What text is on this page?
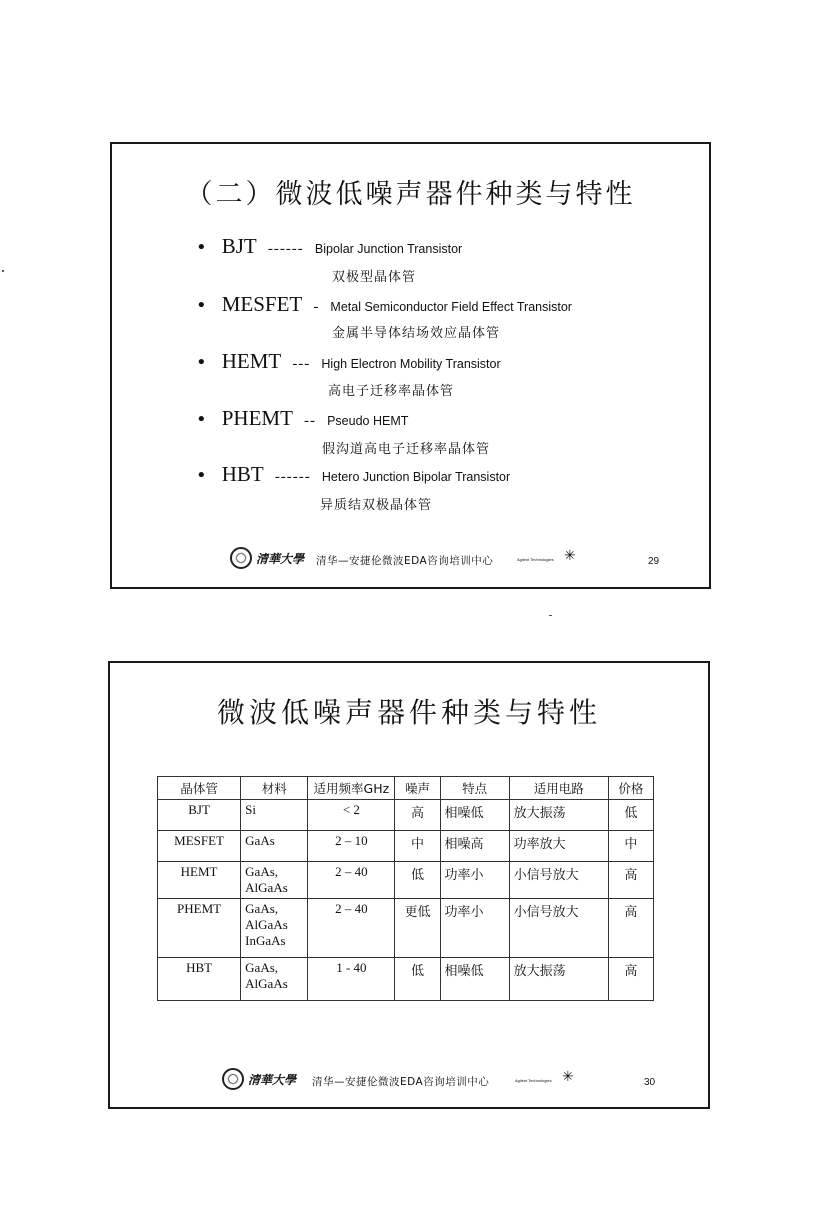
（二）微波低噪声器件种类与特性
• BJT ------ Bipolar Junction Transistor
双极型晶体管
• MESFET - Metal Semiconductor Field Effect Transistor
金属半导体结场效应晶体管
• HEMT --- High Electron Mobility Transistor
高电子迁移率晶体管
• PHEMT -- Pseudo HEMT
假沟道高电子迁移率晶体管
• HBT ------ Hetero Junction Bipolar Transistor
异质结双极晶体管
清華大學 清华—安捷伦微波EDA咨询培训中心	Agilent Technologies ✳	29
微波低噪声器件种类与特性
晶体管	材料	适用频率GHz	噪声	特点	适用电路	价格
BJT	Si	< 2	高	相噪低	放大振荡	低
MESFET	GaAs	2 – 10	中	相噪高	功率放大	中
HEMT	GaAs, AlGaAs	2 – 40	低	功率小	小信号放大	高
PHEMT	GaAs, AlGaAs InGaAs	2 – 40	更低	功率小	小信号放大	高
HBT	GaAs, AlGaAs	1 - 40	低	相噪低	放大振荡	高
清華大學 清华—安捷伦微波EDA咨询培训中心	Agilent Technologies ✳	30
